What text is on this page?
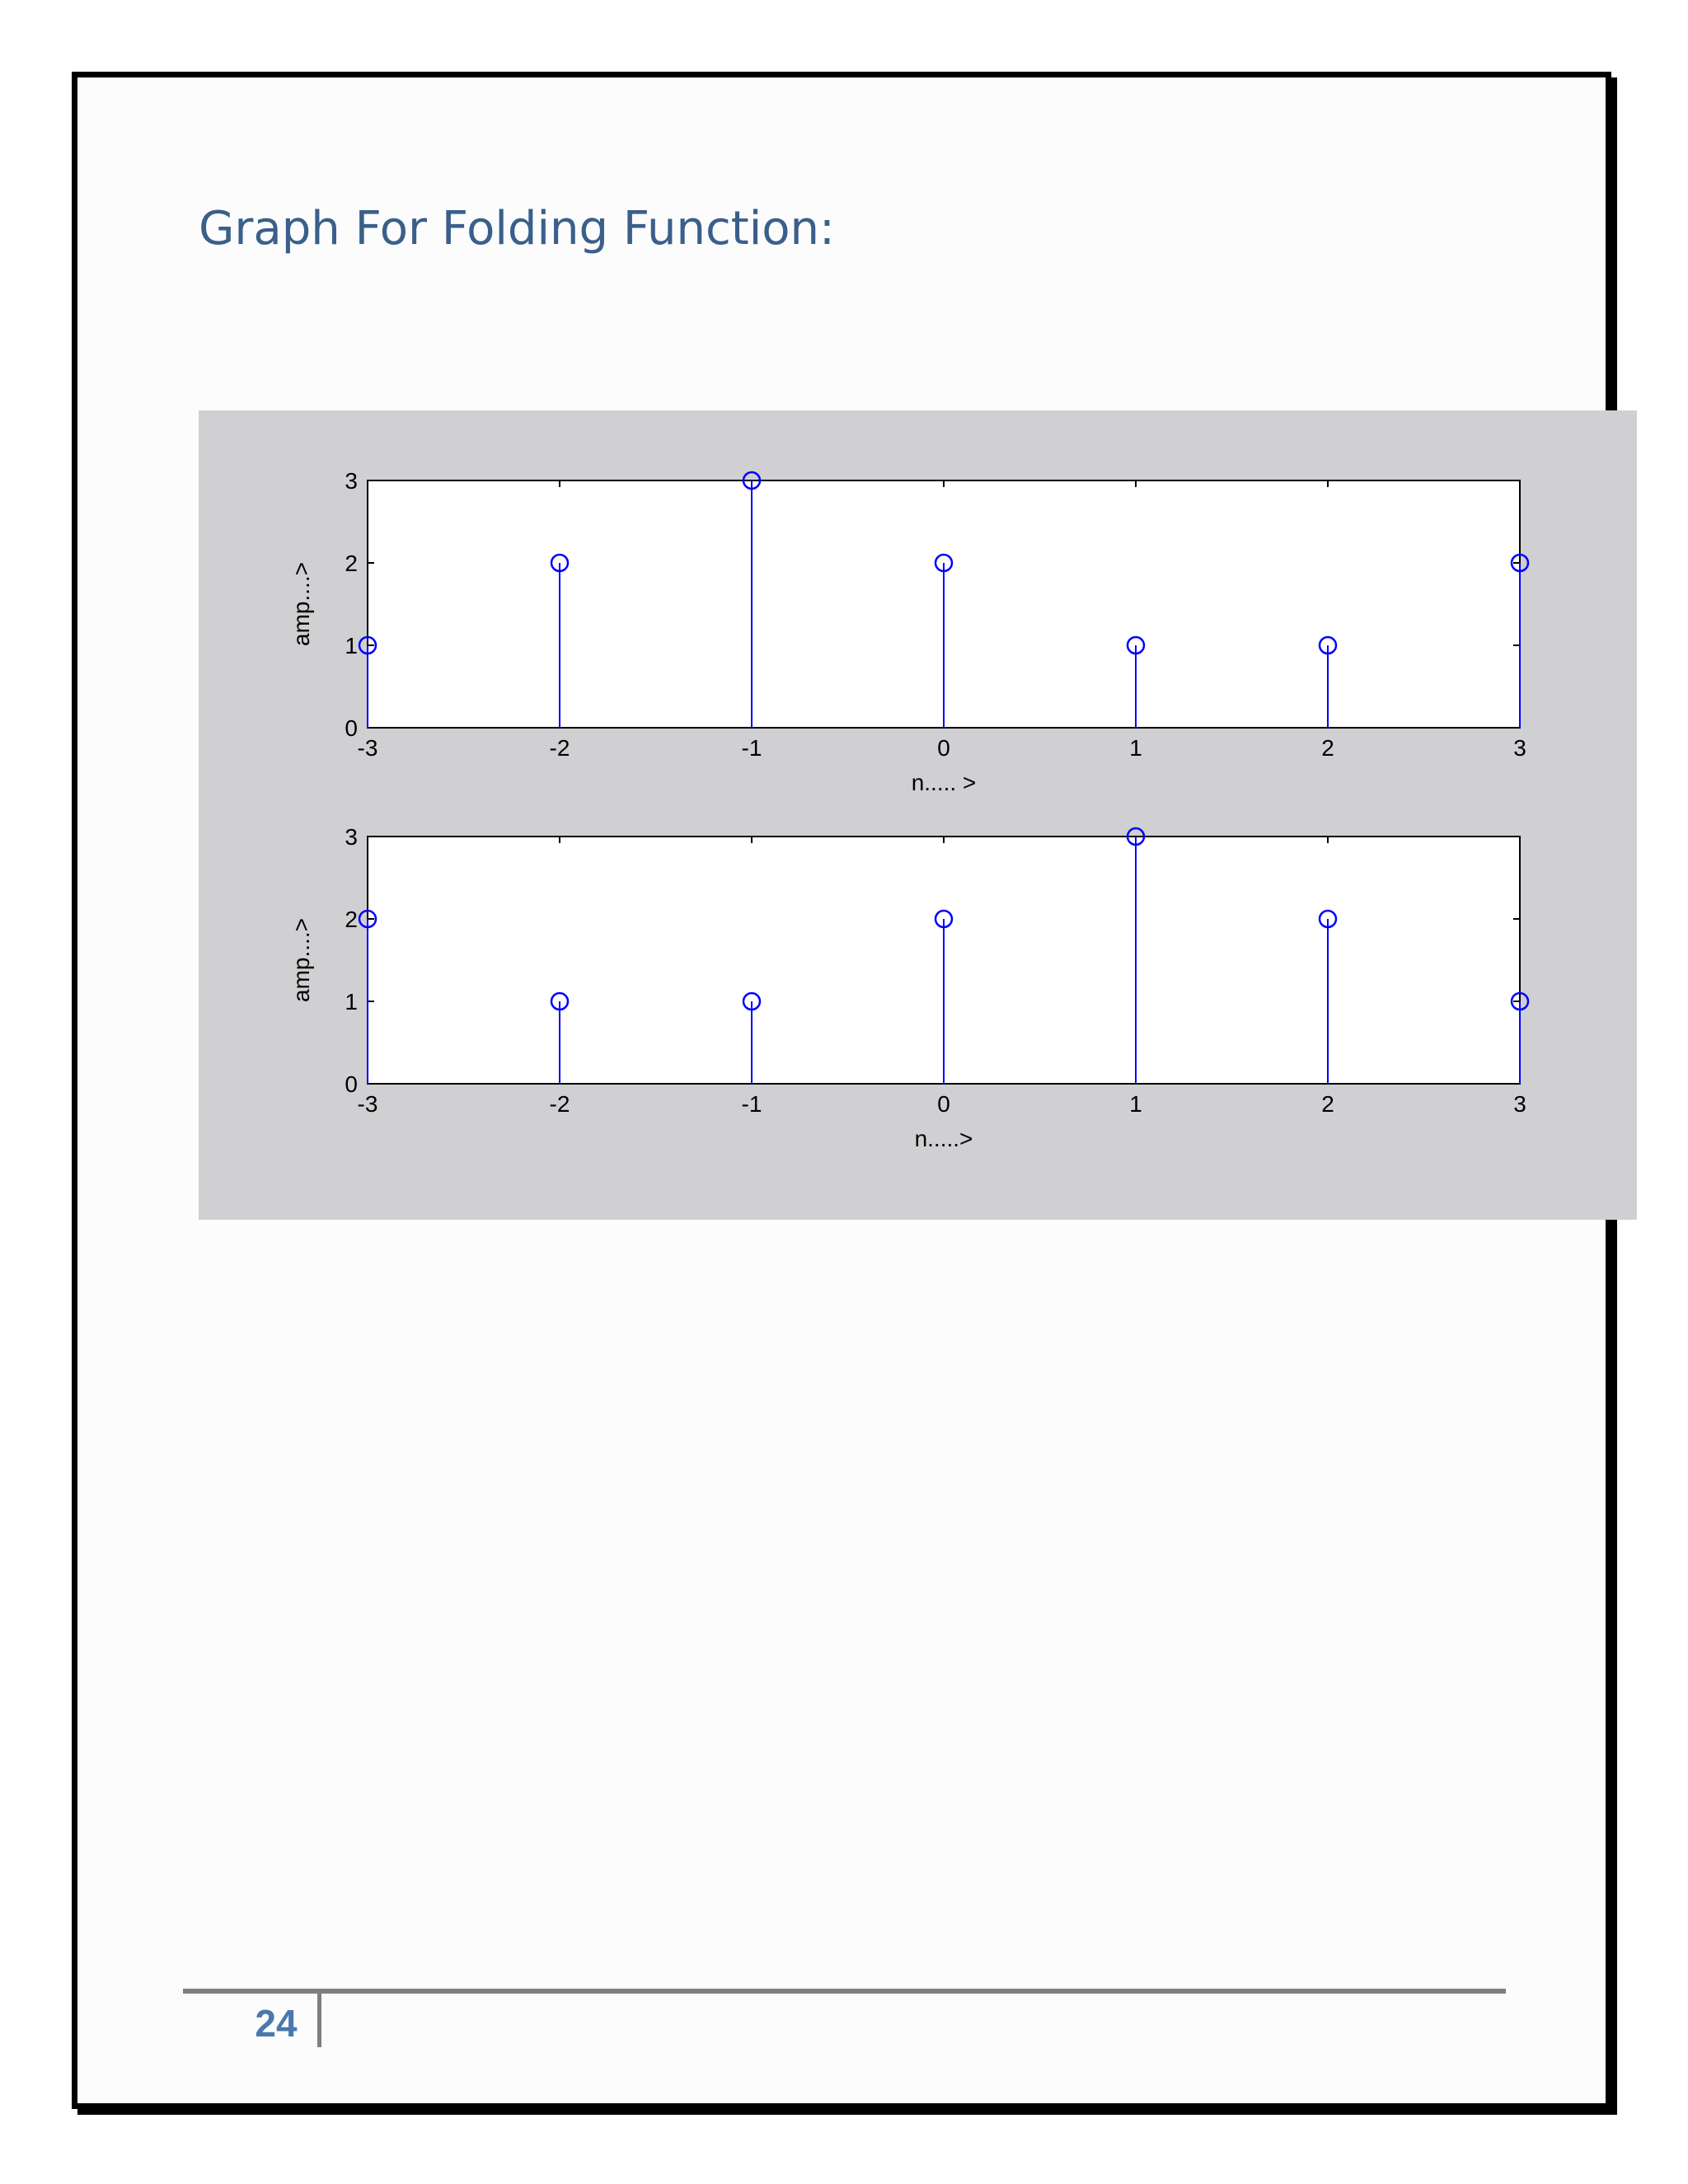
Graph For Folding Function:
-3	-2	-1	0	1	2	3
0
1
2
3
n..... >
amp....>
-3	-2	-1	0	1	2	3
0
1
2
3
n.....>
amp....>
24
